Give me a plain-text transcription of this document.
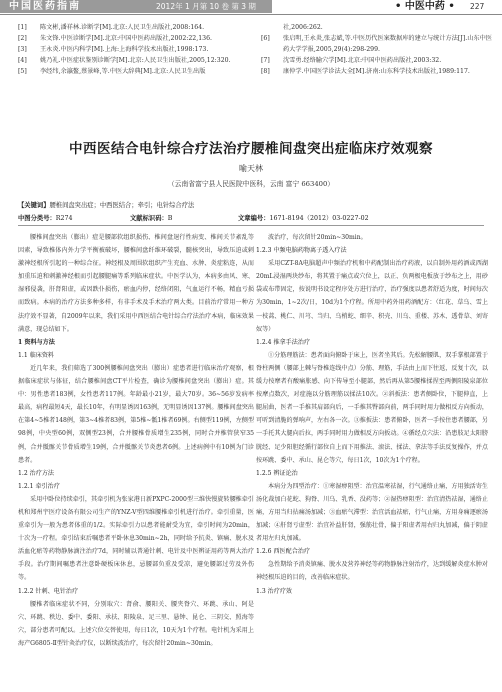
中国医药指南	2012年 1 月第 10 卷 第 3 期	• 中医中药 • 227
[1] 陈文彬,潘祥林.诊断学[M].北京:人民卫生出版社,2008:164.
[2] 朱文锋.中医诊断学[M].北京:中国中医药出版社,2002:22,136.
[3] 王永炎.中医内科学[M].上海:上海科学技术出版社,1998:173.
[4] 姚乃礼.中医症状鉴别诊断学[M].北京:人民卫生出版社,2005,12:320.
[5] 李经纬,余瀛鳌,蔡景峰,等.中医大辞典[M].北京:人民卫生出版
社,2006:262.
[6] 张启明,王永炎,张志斌,等.中医历代医案数据库的建立与统计方法[J].山东中医药大学学报,2005,29(4):298-299.
[7] 沈雪勇.经络腧穴学[M].北京:中国中医药出版社,2003:32.
[8] 康仲学.中国医学诊法大全[M].济南:山东科学技术出版社,1989:117.
中西医结合电针综合疗法治疗腰椎间盘突出症临床疗效观察
喻天林
（云南省富宁县人民医院中医科，云南 富宁 663400）
【关键词】腰椎间盘突出症；中西医结合；牵引；电针综合疗法
中图分类号：R274	文献标识码：B	文章编号：1671-8194（2012）03-0227-02

腰椎间盘突出（膨出）症是腰部软组织损伤、椎间盘退行性病变、椎间关节紊乱等因素，导致椎体内外力学平衡被破坏，腰椎间盘纤维环破裂，髓核突出，导致压迫或刺激神经根所引起的一种综合征。神经根及周围软组织产生充血、水肿、炎症粘连，从而加重压迫和刺激神经根而引起腰腿痛等系列临床症状。中医学认为，本病多由风、寒、湿邪侵袭，肝肾阳虚，或因跌仆损伤，瘀血内停，经络闭阻，气血运行不畅，精血亏损而致病。本病的治疗方法多种多样，有非手术及手术治疗两大类。目前治疗常用一种方法疗效不显著，自2009年以来，我们采用中西医结合电针综合疗法治疗本病，临床效果满意，现总结如下。

1 资料与方法

1.1 临床资料

近几年来，我们筛选了300例腰椎间盘突出（膨出）症患者进行临床治疗观察，根据临床症状与体征，结合腰椎间盘CT平片检查，确诊为腰椎间盘突出（膨出）症。其中：男性患者183例，女性患者117例。年龄最小21岁，最大70岁。36~56岁发病率最高，病程最短4天，最长10年，有明显诱因163例，无明显诱因137例。腰椎间盘突出在第4~5椎者148例，第3~4椎者83例，第5椎~骶1椎者69例。右侧型119例，左侧型98例，中央型60例，双侧型23例，合并腰椎骨质增生235例，同时合并椎管狭窄35例，合并骶髂关节骨质增生19例，合并骶髂关节炎患者6例。上述病例中有10例为门诊患者。

1.2 治疗方法

1.2.1 牵引治疗

采用中卧位持续牵引，其牵引机为张家港日新PXPC-2000型三维快慢旋转腰椎牵引机和郑州宇医疗设备有限公司生产的YNZ-V型四维腰椎牵引机进行治疗。牵引重量，医重牵引为一般为患者体重的1/2。实际牵引力以患者能耐受为宜，牵引时间为20min，十次为一疗程。牵引结束后嘱患者平卧休息30min~2h，同时给予抗炎、镇痛、脱水及活血化瘀等药物静脉滴注治疗7d，同时辅以普通针刺、电针及中医辨证用药等两大治疗手段。治疗期间嘱患者注意卧硬板床休息，忌腰部负重及受凉，避免腰部过劳及外伤等。

1.2.2 针刺、电针治疗

腰椎者临床症状不同，分别取穴：肾俞、腰阳关、腰夹脊穴、环跳、承山、阿是穴、环跳、秩边、委中、委阳、承扶、阳陵泉、足三里、悬钟、昆仑、三阴交、照海等穴，部分患者可配以。上述穴位交替使用，每日1次，10天为1个疗程。电针机为采用上海产G6805-Ⅱ型针灸治疗仪，以断续波治疗，每次留针20min~30min。

波治疗，每次留针20min~30min。

1.2.3 中频电脑药物离子透入疗法

采用CZT-8A电脑超声中频治疗机和中药配制出治疗药液，以自制外用药酒或西湖20mL浸湿两块纱布，将其置于痛点或穴位上，以正、负两极电板放于纱布之上，用砂袋或布带固定，按说明书设定程序处方进行治疗，治疗强度以患者舒适为度，时间每次为30min，1~2次/日，10d为1个疗程。所用中药外用药酒配方：（红花、草乌、雪上一枝蒿、桃仁、川芎、当归、乌梢蛇、细辛、积壳、川乌、重楼、苏木、透骨草、刘寄奴等）

1.2.4 推拿手法治疗

①分筋理筋法：患者面向俯卧于床上，医者坐其后。先松解腰肌，双手掌根部置于脊柱两侧（腰部上棘与脊椎连线中点）分筋、理筋，手法由上而下往返，反复十次，以缓力按摩者有酸痛胀感、向下传导至小腿部，然后再从第5腰椎揉捏至两侧阳陵泉部位按摩点数次，对症施以分筋理筋以揉法10次。②斜扳法：患者侧卧位，下腿伸直，上腿屈曲，医者一手推其肩部向后，一手推其臀部向前，两手同时用力做相反方向扳动，可听到清脆的弹响声，左右各一次。③推扳法：患者俯卧，医者一手按住患者腰部，另一手托其大腿向后拉，两手同时用力做相反方向扳动。④循经点穴法：沿患肢足太阳膀胱经、足少阳胆经循行部位自上而下用推法、滚法、揉法、拿法等手法反复操作，并点按环跳、委中、承山、昆仑等穴，每日1次，10次为1个疗程。

1.2.5 辨证论治

本病分为四型治疗：①寒湿痹阻型：治宜温寒祛湿，行气通络止痛，方用独活寄生汤化裁加白花蛇、狗脊、川乌、乳香、没药等；②湿热痹阻型：治宜清热祛湿，通络止痛，方用当归拈痛汤加减；③血瘀气滞型：治宜活血祛瘀，行气止痛，方用身痛逐瘀汤加减；④肝肾亏虚型：治宜补益肝肾，强筋壮骨，偏于阳虚者用右归丸加减，偏于阴虚者用左归丸加减。

1.2.6 西医配合治疗

急性期给予消炎镇痛、脱水及营养神经等药物静脉注射治疗，达到缓解炎症水肿对神经根压迫的目的，改善临床症状。

1.3 治疗疗效
